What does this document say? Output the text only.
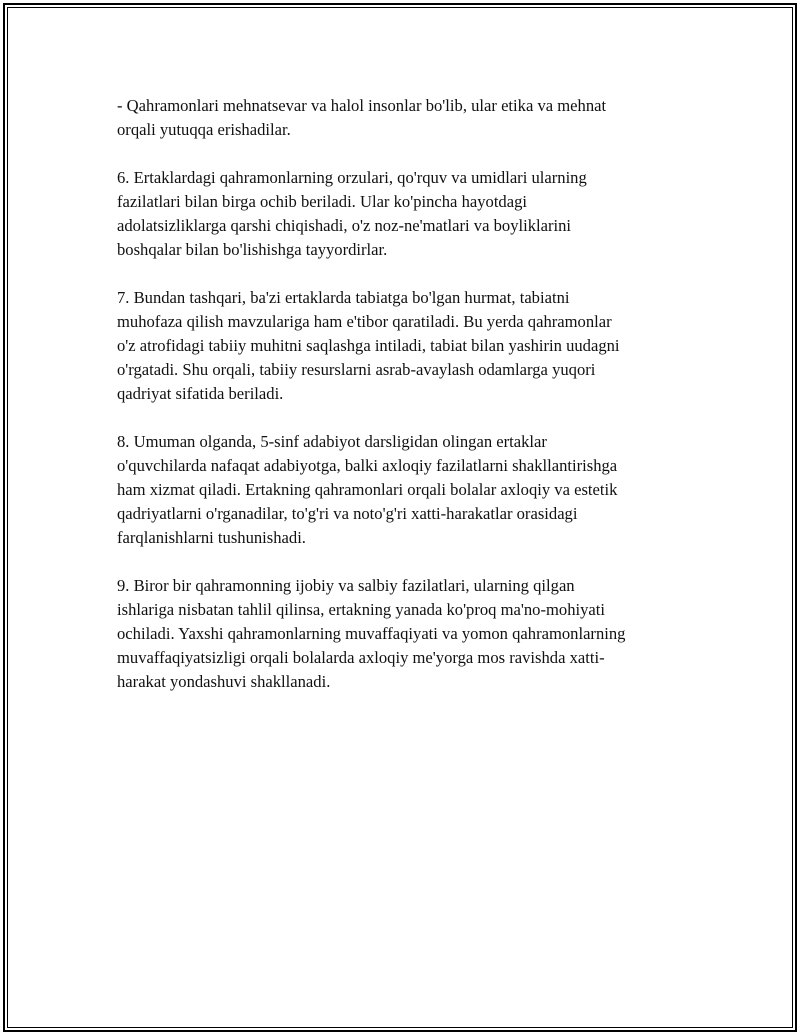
- Qahramonlari mehnatsevar va halol insonlar bo'lib, ular etika va mehnat
orqali yutuqqa erishadilar.

6. Ertaklardagi qahramonlarning orzulari, qo'rquv va umidlari ularning
fazilatlari bilan birga ochib beriladi. Ular ko'pincha hayotdagi
adolatsizliklarga qarshi chiqishadi, o'z noz-ne'matlari va boyliklarini
boshqalar bilan bo'lishishga tayyordirlar.

7. Bundan tashqari, ba'zi ertaklarda tabiatga bo'lgan hurmat, tabiatni
muhofaza qilish mavzulariga ham e'tibor qaratiladi. Bu yerda qahramonlar
o'z atrofidagi tabiiy muhitni saqlashga intiladi, tabiat bilan yashirin uudagni
o'rgatadi. Shu orqali, tabiiy resurslarni asrab-avaylash odamlarga yuqori
qadriyat sifatida beriladi.

8. Umuman olganda, 5-sinf adabiyot darsligidan olingan ertaklar
o'quvchilarda nafaqat adabiyotga, balki axloqiy fazilatlarni shakllantirishga
ham xizmat qiladi. Ertakning qahramonlari orqali bolalar axloqiy va estetik
qadriyatlarni o'rganadilar, to'g'ri va noto'g'ri xatti-harakatlar orasidagi
farqlanishlarni tushunishadi.

9. Biror bir qahramonning ijobiy va salbiy fazilatlari, ularning qilgan
ishlariga nisbatan tahlil qilinsa, ertakning yanada ko'proq ma'no-mohiyati
ochiladi. Yaxshi qahramonlarning muvaffaqiyati va yomon qahramonlarning
muvaffaqiyatsizligi orqali bolalarda axloqiy me'yorga mos ravishda xatti-
harakat yondashuvi shakllanadi.
